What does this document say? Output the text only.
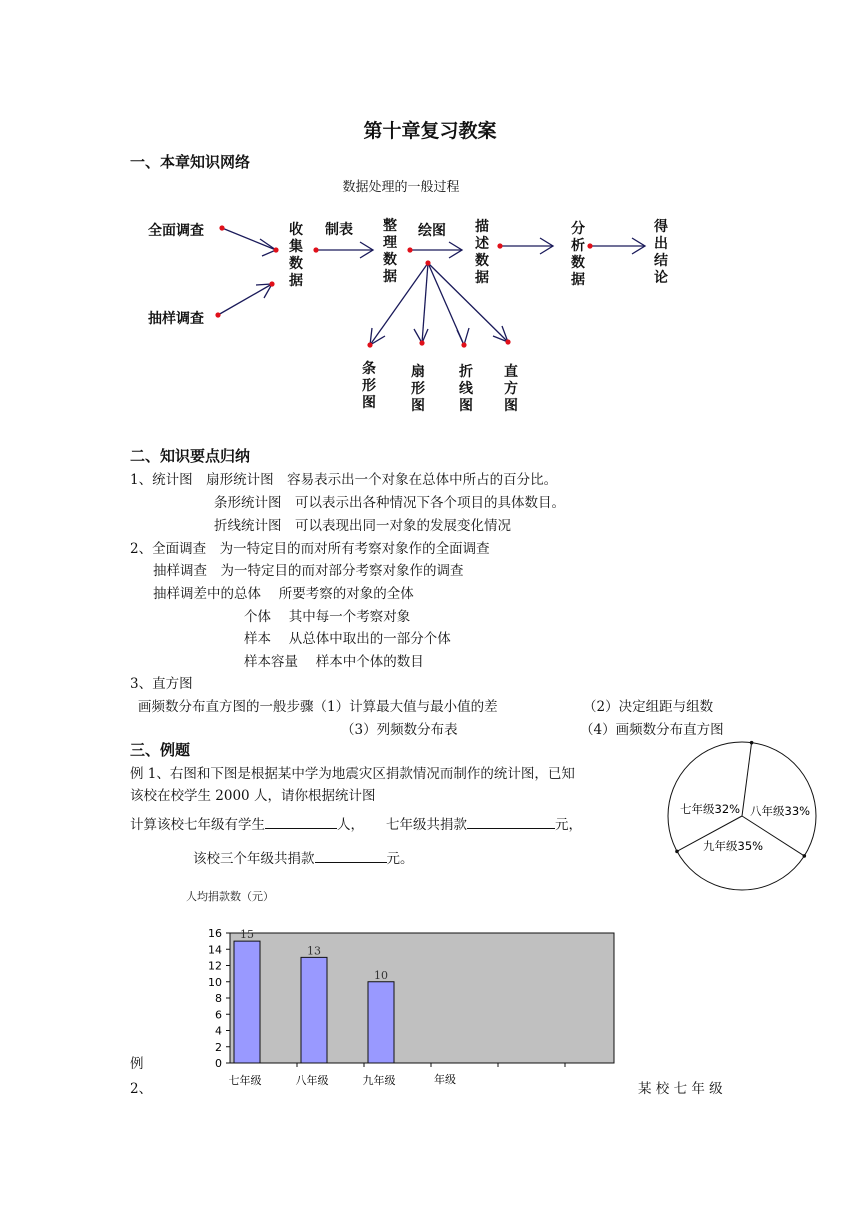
第十章复习教案
一、本章知识网络
数据处理的一般过程
全面调查
抽样调查
收集数据
制表 整理数据
绘图 描述数据
分析数据
得出结论
条形图
扇形图
折线图
直方图
二、知识要点归纳
1、统计图　扇形统计图　容易表示出一个对象在总体中所占的百分比。
条形统计图　可以表示出各种情况下各个项目的具体数目。
折线统计图　可以表现出同一对象的发展变化情况
2、全面调查　为一特定目的而对所有考察对象作的全面调查
抽样调查　为一特定目的而对部分考察对象作的调查
抽样调差中的总体　 所要考察的对象的全体
个体　 其中每一个考察对象
样本　 从总体中取出的一部分个体
样本容量　 样本中个体的数目
3、直方图
画频数分布直方图的一般步骤（1）计算最大值与最小值的差	（2）决定组距与组数
（3）列频数分布表	（4）画频数分布直方图
三、例题
例 1、右图和下图是根据某中学为地震灾区捐款情况而制作的统计图，已知
该校在校学生 2000 人，请你根据统计图
计算该校七年级有学生	人， 七年级共捐款	元，
该校三个年级共捐款	元。
七年级32% 八年级33%
九年级35%
人均捐款数（元）
0
2
4
6
8
10
12
14
16 15
七年级
13
八年级
10
九年级	年级
例
2、	某 校 七 年 级
